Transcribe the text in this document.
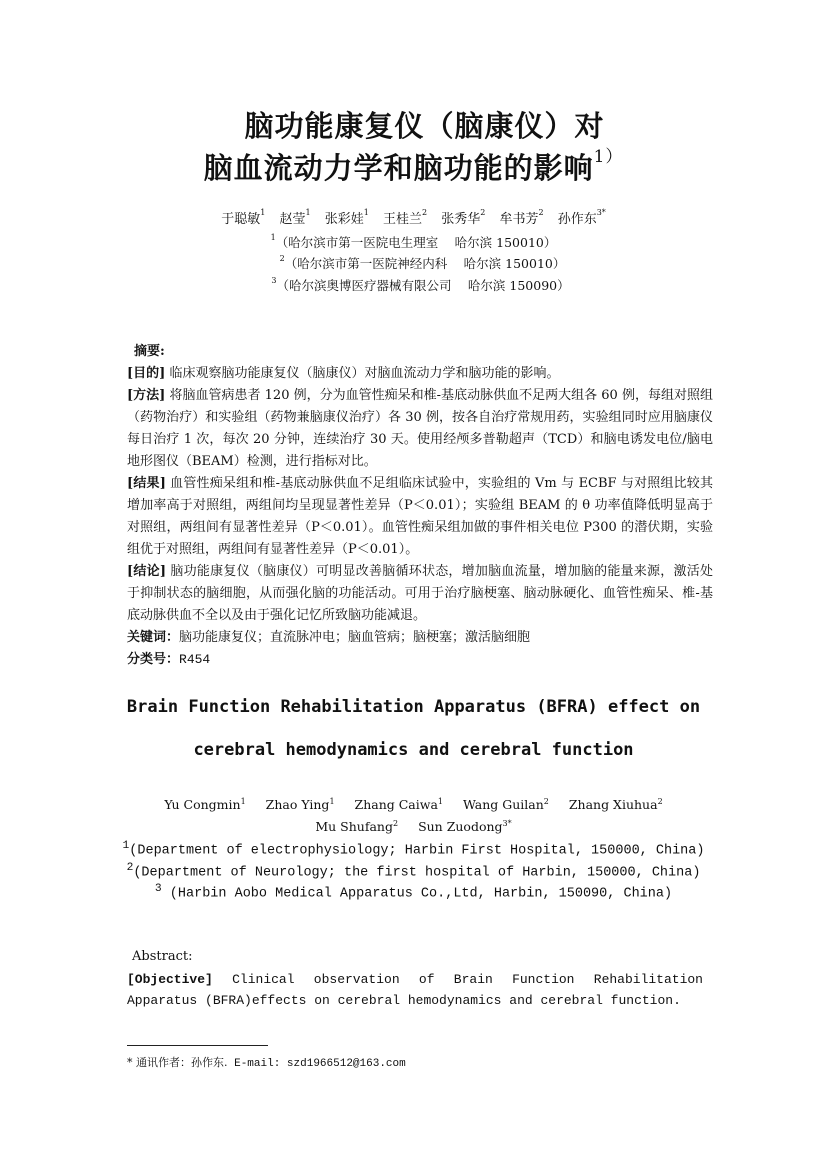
脑功能康复仪（脑康仪）对
脑血流动力学和脑功能的影响$^{1)}$
于聪敏$^1$ 赵莹$^1$ 张彩娃$^1$ 王桂兰$^2$ 张秀华$^2$ 牟书芳$^2$ 孙作东$^{3*}$
$^1$（哈尔滨市第一医院电生理室　 哈尔滨 150010）
$^2$（哈尔滨市第一医院神经内科　 哈尔滨 150010）
$^3$（哈尔滨奥博医疗器械有限公司　 哈尔滨 150090）

摘要:

[目的] 临床观察脑功能康复仪（脑康仪）对脑血流动力学和脑功能的影响。

[方法] 将脑血管病患者 120 例，分为血管性痴呆和椎-基底动脉供血不足两大组各 60 例，每组对照组（药物治疗）和实验组（药物兼脑康仪治疗）各 30 例，按各自治疗常规用药，实验组同时应用脑康仪每日治疗 1 次，每次 20 分钟，连续治疗 30 天。使用经颅多普勒超声（TCD）和脑电诱发电位/脑电地形图仪（BEAM）检测，进行指标对比。

[结果] 血管性痴呆组和椎-基底动脉供血不足组临床试验中，实验组的 Vm 与 ECBF 与对照组比较其增加率高于对照组，两组间均呈现显著性差异（P＜0.01）；实验组 BEAM 的 θ 功率值降低明显高于对照组，两组间有显著性差异（P＜0.01）。血管性痴呆组加做的事件相关电位 P300 的潜伏期，实验组优于对照组，两组间有显著性差异（P＜0.01）。

[结论] 脑功能康复仪（脑康仪）可明显改善脑循环状态，增加脑血流量，增加脑的能量来源，激活处于抑制状态的脑细胞，从而强化脑的功能活动。可用于治疗脑梗塞、脑动脉硬化、血管性痴呆、椎-基底动脉供血不全以及由于强化记忆所致脑功能减退。

关键词：脑功能康复仪；直流脉冲电；脑血管病；脑梗塞；激活脑细胞

分类号：R454

Brain Function Rehabilitation Apparatus (BFRA) effect on
cerebral hemodynamics and cerebral function
Yu Congmin$^1$ Zhao Ying$^1$ Zhang Caiwa$^1$ Wang Guilan$^2$ Zhang Xiuhua$^2$
Mu Shufang$^2$ Sun Zuodong$^{3*}$
$^1$(Department of electrophysiology; Harbin First Hospital, 150000, China)
$^2$(Department of Neurology; the first hospital of Harbin, 150000, China)
$^3$ (Harbin Aobo Medical Apparatus Co.,Ltd, Harbin, 150090, China)

Abstract:

[Objective] Clinical observation of Brain Function Rehabilitation Apparatus (BFRA)effects on cerebral hemodynamics and cerebral function.

* 通讯作者：孙作东. E-mail: szd1966512@163.com
